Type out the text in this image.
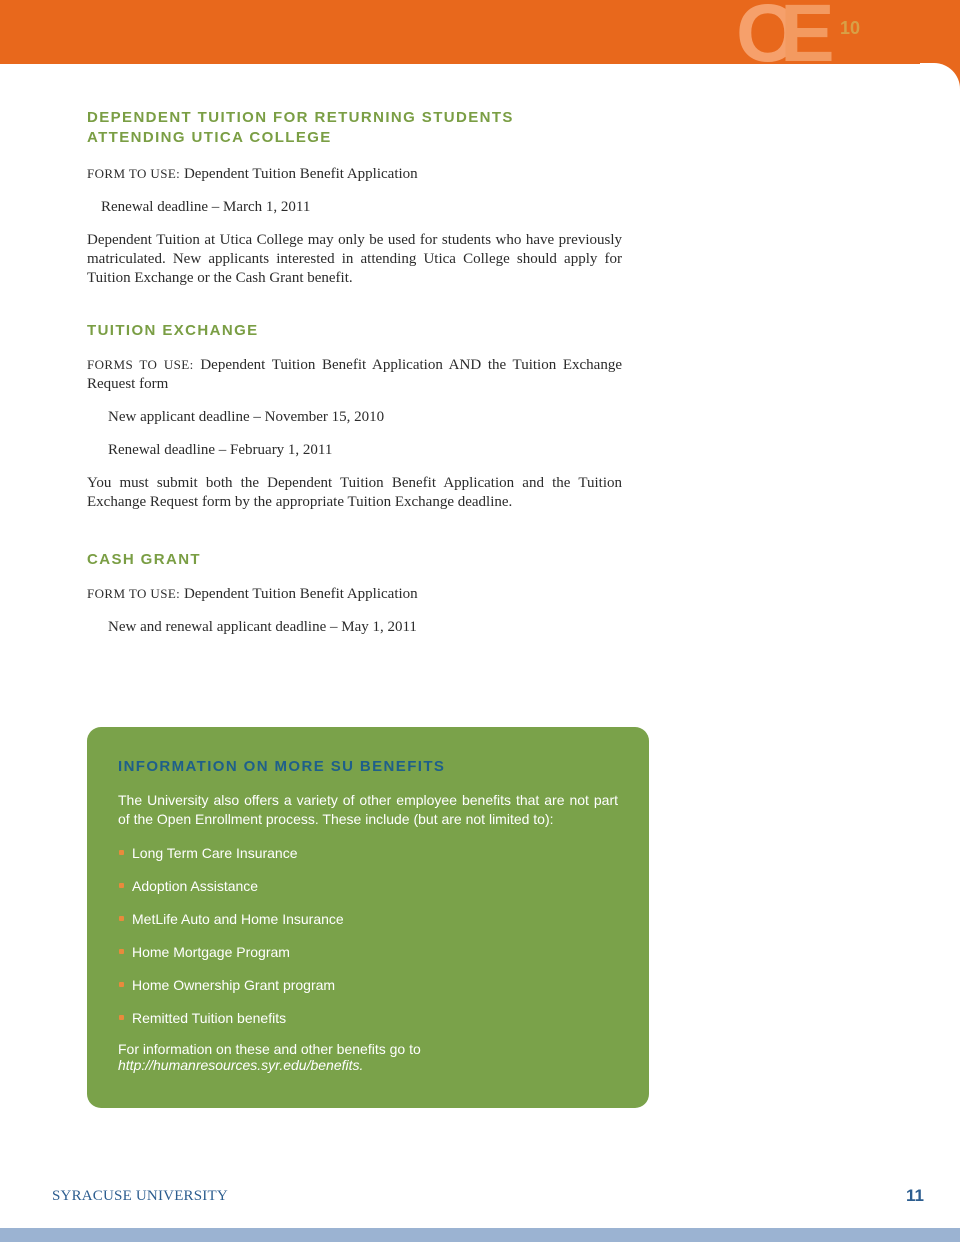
O
E 10
DEPENDENT TUITION FOR RETURNING STUDENTS ATTENDING UTICA COLLEGE

FORM TO USE: Dependent Tuition Benefit Application

Renewal deadline – March 1, 2011

Dependent Tuition at Utica College may only be used for students who have previously matriculated. New applicants interested in attending Utica College should apply for Tuition Exchange or the Cash Grant benefit.

TUITION EXCHANGE

FORMS TO USE: Dependent Tuition Benefit Application AND the Tuition Exchange Request form

New applicant deadline – November 15, 2010

Renewal deadline – February 1, 2011

You must submit both the Dependent Tuition Benefit Application and the Tuition Exchange Request form by the appropriate Tuition Exchange deadline.

CASH GRANT

FORM TO USE: Dependent Tuition Benefit Application

New and renewal applicant deadline – May 1, 2011

INFORMATION ON MORE SU BENEFITS
The University also offers a variety of other employee benefits that are not part of the Open Enrollment process. These include (but are not limited to):
Long Term Care Insurance
Adoption Assistance
MetLife Auto and Home Insurance
Home Mortgage Program
Home Ownership Grant program
Remitted Tuition benefits
For information on these and other benefits go to http://humanresources.syr.edu/benefits.
SYRACUSE UNIVERSITY	11
